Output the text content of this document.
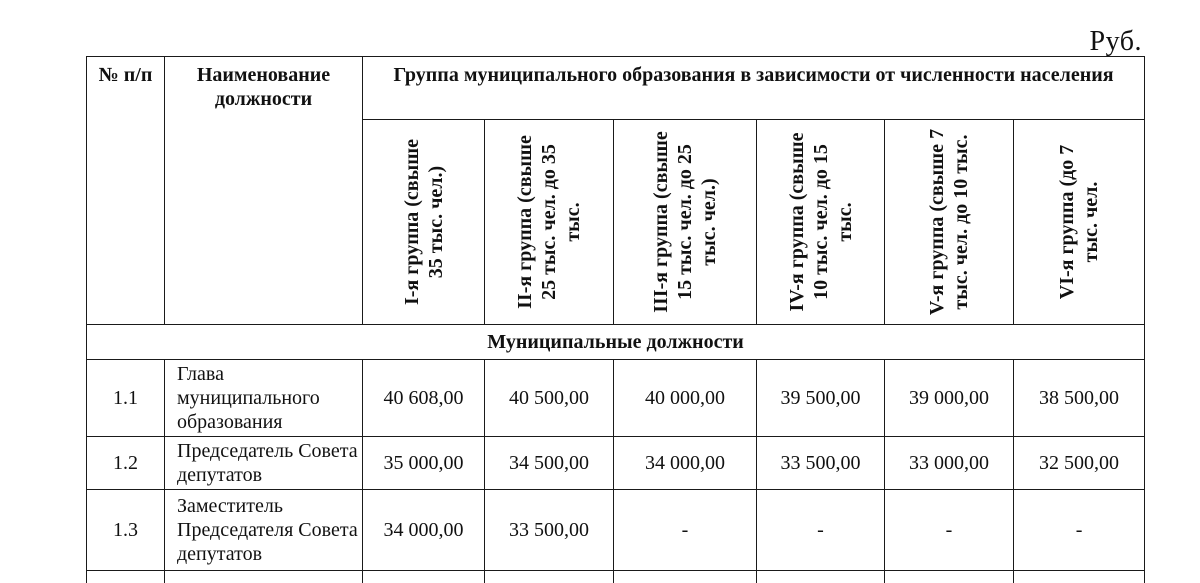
Руб.
№ п/п	Наименование должности	Группа муниципального образования в зависимости от численности населения					

		I-я группа (свыше 35 тыс. чел.)	II-я группа (свыше 25 тыс. чел. до 35 тыс.	III-я группа (свыше 15 тыс. чел. до 25 тыс. чел.)	IV-я группа (свыше 10 тыс. чел. до 15 тыс.	V-я группа (свыше 7 тыс. чел. до 10 тыс.	VI-я группа (до 7 тыс. чел.

Муниципальные должности							
1.1	Глава муниципального образования	40 608,00	40 500,00	40 000,00	39 500,00	39 000,00	38 500,00
1.2	Председатель Совета депутатов	35 000,00	34 500,00	34 000,00	33 500,00	33 000,00	32 500,00
1.3	Заместитель Председателя Совета депутатов	34 000,00	33 500,00	-	-	-	-
